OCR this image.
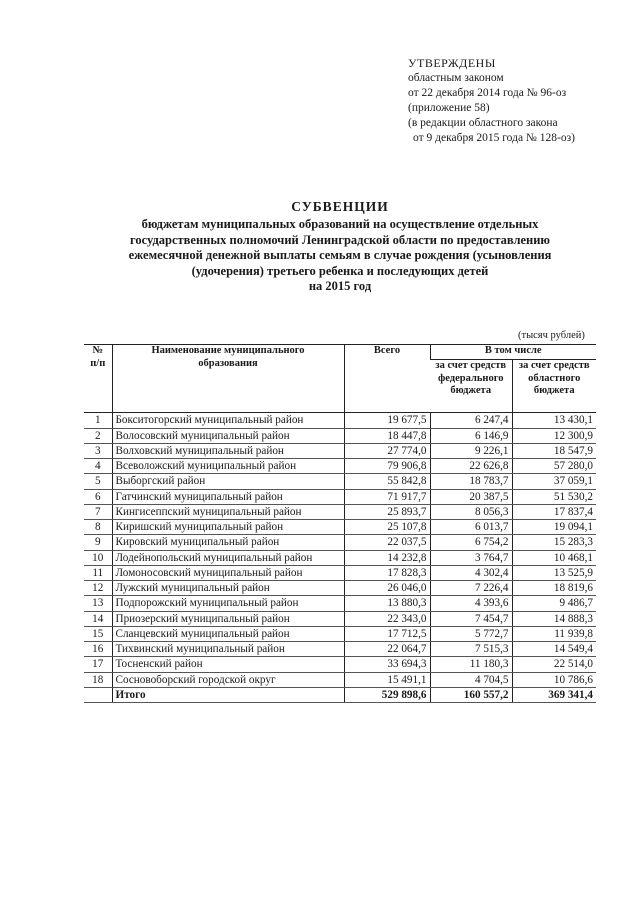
УТВЕРЖДЕНЫ
областным законом
от 22 декабря 2014 года № 96-оз
(приложение 58)
(в редакции областного закона
от 9 декабря 2015 года № 128-оз)
СУБВЕНЦИИ
бюджетам муниципальных образований на осуществление отдельных
государственных полномочий Ленинградской области по предоставлению
ежемесячной денежной выплаты семьям в случае рождения (усыновления
(удочерения) третьего ребенка и последующих детей
на 2015 год
(тысяч рублей)
№ п/п	Наименование муниципального образования	Всего	В том числе	
			за счет средств федерального бюджета	за счет средств областного бюджета
1	Бокситогорский муниципальный район	19 677,5	6 247,4	13 430,1
2	Волосовский муниципальный район	18 447,8	6 146,9	12 300,9
3	Волховский муниципальный район	27 774,0	9 226,1	18 547,9
4	Всеволожский муниципальный район	79 906,8	22 626,8	57 280,0
5	Выборгский район	55 842,8	18 783,7	37 059,1
6	Гатчинский муниципальный район	71 917,7	20 387,5	51 530,2
7	Кингисеппский муниципальный район	25 893,7	8 056,3	17 837,4
8	Киришский муниципальный район	25 107,8	6 013,7	19 094,1
9	Кировский муниципальный район	22 037,5	6 754,2	15 283,3
10	Лодейнопольский муниципальный район	14 232,8	3 764,7	10 468,1
11	Ломоносовский муниципальный район	17 828,3	4 302,4	13 525,9
12	Лужский муниципальный район	26 046,0	7 226,4	18 819,6
13	Подпорожский муниципальный район	13 880,3	4 393,6	9 486,7
14	Приозерский муниципальный район	22 343,0	7 454,7	14 888,3
15	Сланцевский муниципальный район	17 712,5	5 772,7	11 939,8
16	Тихвинский муниципальный район	22 064,7	7 515,3	14 549,4
17	Тосненский район	33 694,3	11 180,3	22 514,0
18	Сосновоборский городской округ	15 491,1	4 704,5	10 786,6
	Итого	529 898,6	160 557,2	369 341,4
